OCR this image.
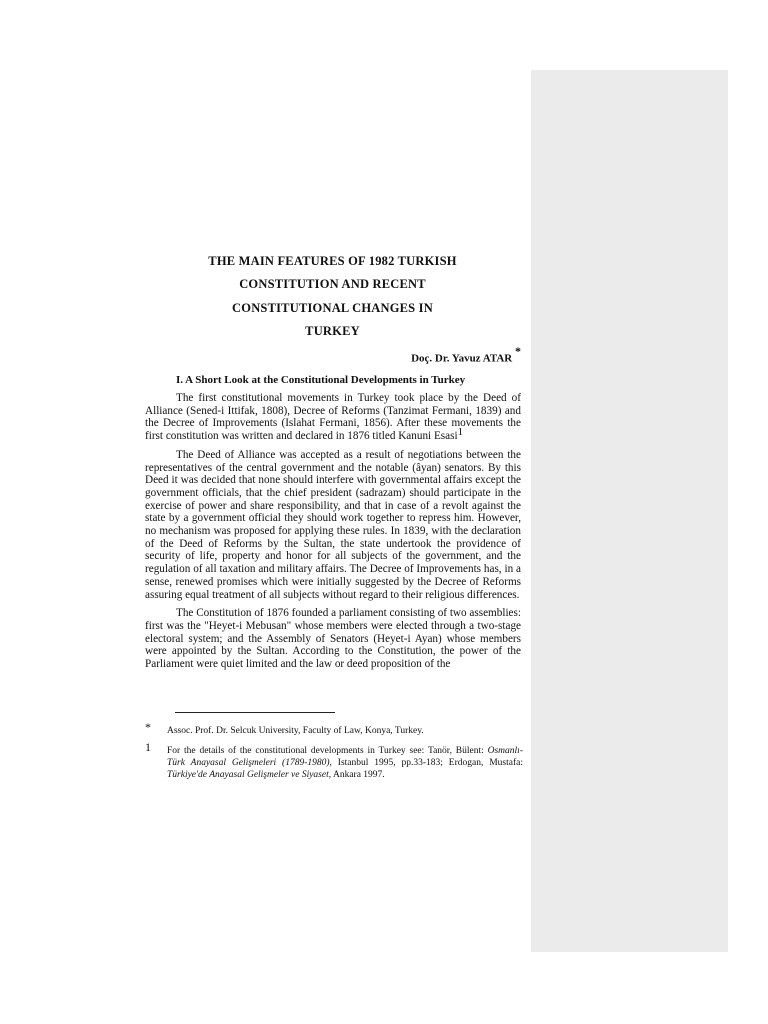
THE MAIN FEATURES OF 1982 TURKISH
CONSTITUTION AND RECENT
CONSTITUTIONAL CHANGES IN
TURKEY
Doç. Dr. Yavuz ATAR *
I. A Short Look at the Constitutional Developments in Turkey

The first constitutional movements in Turkey took place by the Deed of Alliance (Sened-i Ittifak, 1808), Decree of Reforms (Tanzimat Fermani, 1839) and the Decree of Improvements (Islahat Fermani, 1856). After these movements the first constitution was written and declared in 1876 titled Kanuni Esasi$^1$

The Deed of Alliance was accepted as a result of negotiations between the representatives of the central government and the notable (âyan) senators. By this Deed it was decided that none should interfere with governmental affairs except the government officials, that the chief president (sadrazam) should participate in the exercise of power and share responsibility, and that in case of a revolt against the state by a government official they should work together to repress him. However, no mechanism was proposed for applying these rules. In 1839, with the declaration of the Deed of Reforms by the Sultan, the state undertook the providence of security of life, property and honor for all subjects of the government, and the regulation of all taxation and military affairs. The Decree of Improvements has, in a sense, renewed promises which were initially suggested by the Decree of Reforms assuring equal treatment of all subjects without regard to their religious differences.

The Constitution of 1876 founded a parliament consisting of two assemblies: first was the "Heyet-i Mebusan" whose members were elected through a two-stage electoral system; and the Assembly of Senators (Heyet-i Ayan) whose members were appointed by the Sultan. According to the Constitution, the power of the Parliament were quiet limited and the law or deed proposition of the

* Assoc. Prof. Dr. Selcuk University, Faculty of Law, Konya, Turkey.
1 For the details of the constitutional developments in Turkey see: Tanör, Bülent: Osmanlı-Türk Anayasal Gelişmeleri (1789-1980), Istanbul 1995, pp.33-183; Erdogan, Mustafa: Türkiye'de Anayasal Gelişmeler ve Siyaset, Ankara 1997.
